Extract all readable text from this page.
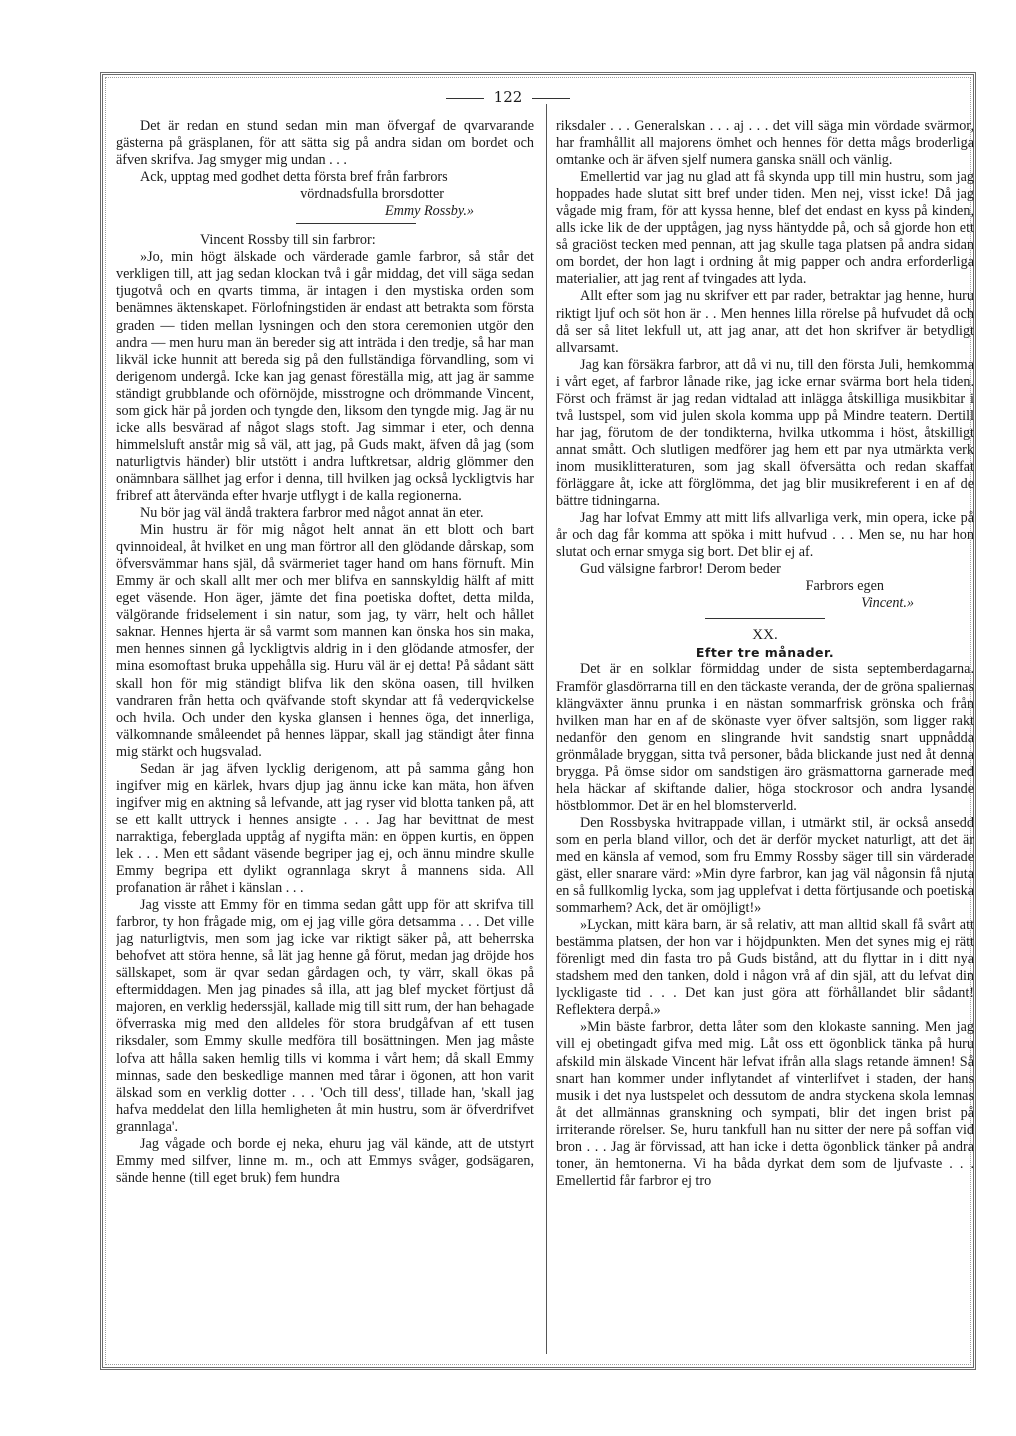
122

Det är redan en stund sedan min man öfvergaf de qvarvarande gästerna på gräsplanen, för att sätta sig på andra sidan om bordet och äfven skrifva. Jag smyger mig undan . . .

Ack, upptag med godhet detta första bref från farbrors

vördnadsfulla brorsdotter

Emmy Rossby.»

Vincent Rossby till sin farbror:

»Jo, min högt älskade och värderade gamle farbror, så står det verkligen till, att jag sedan klockan två i går middag, det vill säga sedan tjugotvå och en qvarts timma, är intagen i den mystiska orden som benämnes äktenskapet. Förlofningstiden är endast att betrakta som första graden — tiden mellan lysningen och den stora ceremonien utgör den andra — men huru man än bereder sig att inträda i den tredje, så har man likväl icke hunnit att bereda sig på den fullständiga förvandling, som vi derigenom undergå. Icke kan jag genast föreställa mig, att jag är samme ständigt grubblande och oförnöjde, misstrogne och drömmande Vincent, som gick här på jorden och tyngde den, liksom den tyngde mig. Jag är nu icke alls besvärad af något slags stoft. Jag simmar i eter, och denna himmelsluft anstår mig så väl, att jag, på Guds makt, äfven då jag (som naturligtvis händer) blir utstött i andra luftkretsar, aldrig glömmer den onämnbara sällhet jag erfor i denna, till hvilken jag också lyckligtvis har fribref att återvända efter hvarje utflygt i de kalla regionerna.

Nu bör jag väl ändå traktera farbror med något annat än eter.

Min hustru är för mig något helt annat än ett blott och bart qvinnoideal, åt hvilket en ung man förtror all den glödande dårskap, som öfversvämmar hans själ, då svärmeriet tager hand om hans förnuft. Min Emmy är och skall allt mer och mer blifva en sannskyldig hälft af mitt eget väsende. Hon äger, jämte det fina poetiska doftet, detta milda, välgörande fridselement i sin natur, som jag, ty värr, helt och hållet saknar. Hennes hjerta är så varmt som mannen kan önska hos sin maka, men hennes sinnen gå lyckligtvis aldrig in i den glödande atmosfer, der mina esomoftast bruka uppehålla sig. Huru väl är ej detta! På sådant sätt skall hon för mig ständigt blifva lik den sköna oasen, till hvilken vandraren från hetta och qväfvande stoft skyndar att få vederqvickelse och hvila. Och under den kyska glansen i hennes öga, det innerliga, välkomnande småleendet på hennes läppar, skall jag ständigt åter finna mig stärkt och hugsvalad.

Sedan är jag äfven lycklig derigenom, att på samma gång hon ingifver mig en kärlek, hvars djup jag ännu icke kan mäta, hon äfven ingifver mig en aktning så lefvande, att jag ryser vid blotta tanken på, att se ett kallt uttryck i hennes ansigte . . . Jag har bevittnat de mest narraktiga, feberglada upptåg af nygifta män: en öppen kurtis, en öppen lek . . . Men ett sådant väsende begriper jag ej, och ännu mindre skulle Emmy begripa ett dylikt ogrannlaga skryt å mannens sida. All profanation är råhet i känslan . . .

Jag visste att Emmy för en timma sedan gått upp för att skrifva till farbror, ty hon frågade mig, om ej jag ville göra detsamma . . . Det ville jag naturligtvis, men som jag icke var riktigt säker på, att beherrska behofvet att störa henne, så lät jag henne gå förut, medan jag dröjde hos sällskapet, som är qvar sedan gårdagen och, ty värr, skall ökas på eftermiddagen. Men jag pinades så illa, att jag blef mycket förtjust då majoren, en verklig hederssjäl, kallade mig till sitt rum, der han behagade öfverraska mig med den alldeles för stora brudgåfvan af ett tusen riksdaler, som Emmy skulle medföra till bosättningen. Men jag måste lofva att hålla saken hemlig tills vi komma i vårt hem; då skall Emmy minnas, sade den beskedlige mannen med tårar i ögonen, att hon varit älskad som en verklig dotter . . . 'Och till dess', tillade han, 'skall jag hafva meddelat den lilla hemligheten åt min hustru, som är öfverdrifvet grannlaga'.

Jag vågade och borde ej neka, ehuru jag väl kände, att de utstyrt Emmy med silfver, linne m. m., och att Emmys svåger, godsägaren, sände henne (till eget bruk) fem hundra

riksdaler . . . Generalskan . . . aj . . . det vill säga min vördade svärmor, har framhållit all majorens ömhet och hennes för detta mågs broderliga omtanke och är äfven sjelf numera ganska snäll och vänlig.

Emellertid var jag nu glad att få skynda upp till min hustru, som jag hoppades hade slutat sitt bref under tiden. Men nej, visst icke! Då jag vågade mig fram, för att kyssa henne, blef det endast en kyss på kinden, alls icke lik de der upptågen, jag nyss häntydde på, och så gjorde hon ett så graciöst tecken med pennan, att jag skulle taga platsen på andra sidan om bordet, der hon lagt i ordning åt mig papper och andra erforderliga materialier, att jag rent af tvingades att lyda.

Allt efter som jag nu skrifver ett par rader, betraktar jag henne, huru riktigt ljuf och söt hon är . . Men hennes lilla rörelse på hufvudet då och då ser så litet lekfull ut, att jag anar, att det hon skrifver är betydligt allvarsamt.

Jag kan försäkra farbror, att då vi nu, till den första Juli, hemkomma i vårt eget, af farbror lånade rike, jag icke ernar svärma bort hela tiden. Först och främst är jag redan vidtalad att inlägga åtskilliga musikbitar i två lustspel, som vid julen skola komma upp på Mindre teatern. Dertill har jag, förutom de der tondikterna, hvilka utkomma i höst, åtskilligt annat smått. Och slutligen medförer jag hem ett par nya utmärkta verk inom musiklitteraturen, som jag skall öfversätta och redan skaffat förläggare åt, icke att förglömma, det jag blir musikreferent i en af de bättre tidningarna.

Jag har lofvat Emmy att mitt lifs allvarliga verk, min opera, icke på år och dag får komma att spöka i mitt hufvud . . . Men se, nu har hon slutat och ernar smyga sig bort. Det blir ej af.

Gud välsigne farbror! Derom beder

Farbrors egen

Vincent.»

XX.

Efter tre månader.

Det är en solklar förmiddag under de sista septemberdagarna. Framför glasdörrarna till en den täckaste veranda, der de gröna spaliernas klängväxter ännu prunka i en nästan sommarfrisk grönska och från hvilken man har en af de skönaste vyer öfver saltsjön, som ligger rakt nedanför den genom en slingrande hvit sandstig snart uppnådda grönmålade bryggan, sitta två personer, båda blickande just ned åt denna brygga. På ömse sidor om sandstigen äro gräsmattorna garnerade med hela häckar af skiftande dalier, höga stockrosor och andra lysande höstblommor. Det är en hel blomsterverld.

Den Rossbyska hvitrappade villan, i utmärkt stil, är också ansedd som en perla bland villor, och det är derför mycket naturligt, att det är med en känsla af vemod, som fru Emmy Rossby säger till sin värderade gäst, eller snarare värd: »Min dyre farbror, kan jag väl någonsin få njuta en så fullkomlig lycka, som jag upplefvat i detta förtjusande och poetiska sommarhem? Ack, det är omöjligt!»

»Lyckan, mitt kära barn, är så relativ, att man alltid skall få svårt att bestämma platsen, der hon var i höjdpunkten. Men det synes mig ej rätt förenligt med din fasta tro på Guds bistånd, att du flyttar in i ditt nya stadshem med den tanken, dold i någon vrå af din själ, att du lefvat din lyckligaste tid . . . Det kan just göra att förhållandet blir sådant! Reflektera derpå.»

»Min bäste farbror, detta låter som den klokaste sanning. Men jag vill ej obetingadt gifva med mig. Låt oss ett ögonblick tänka på huru afskild min älskade Vincent här lefvat ifrån alla slags retande ämnen! Så snart han kommer under inflytandet af vinterlifvet i staden, der hans musik i det nya lustspelet och dessutom de andra styckena skola lemnas åt det allmännas granskning och sympati, blir det ingen brist på irriterande rörelser. Se, huru tankfull han nu sitter der nere på soffan vid bron . . . Jag är förvissad, att han icke i detta ögonblick tänker på andra toner, än hemtonerna. Vi ha båda dyrkat dem som de ljufvaste . . . Emellertid får farbror ej tro
